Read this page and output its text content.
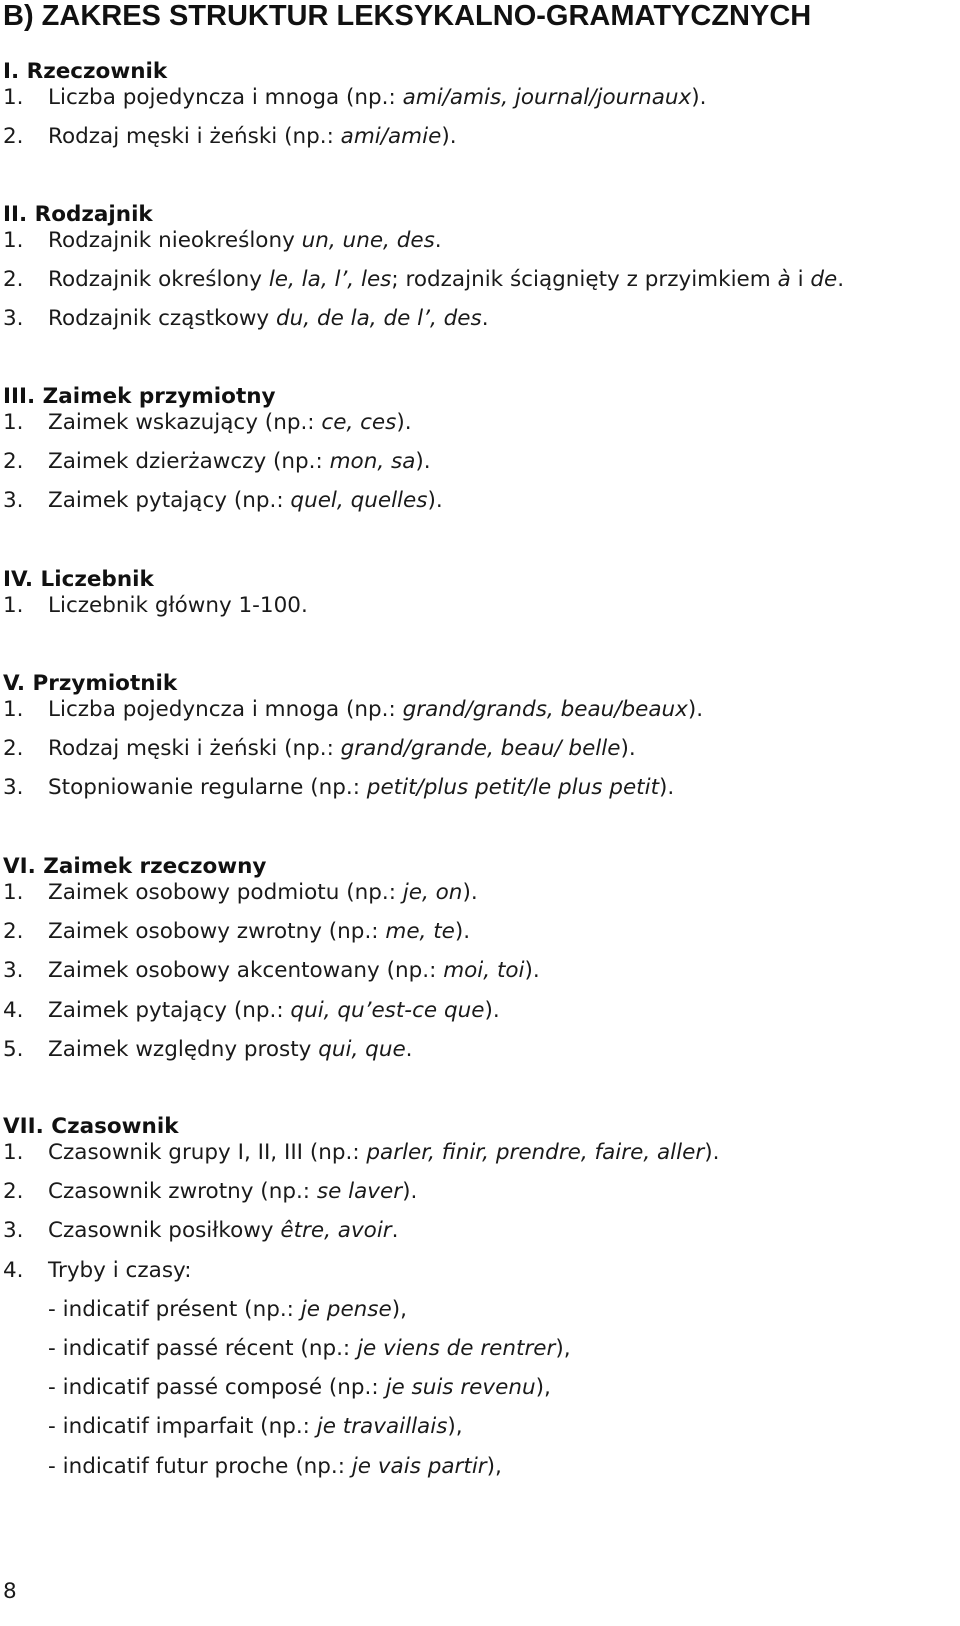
B) ZAKRES STRUKTUR LEKSYKALNO-GRAMATYCZNYCH
I. Rzeczownik
1. Liczba pojedyncza i mnoga (np.: ami/amis, journal/journaux).
2. Rodzaj męski i żeński (np.: ami/amie).
II. Rodzajnik
1. Rodzajnik nieokreślony un, une, des.
2. Rodzajnik określony le, la, l’, les; rodzajnik ściągnięty z przyimkiem à i de.
3. Rodzajnik cząstkowy du, de la, de l’, des.
III. Zaimek przymiotny
1. Zaimek wskazujący (np.: ce, ces).
2. Zaimek dzierżawczy (np.: mon, sa).
3. Zaimek pytający (np.: quel, quelles).
IV. Liczebnik
1. Liczebnik główny 1-100.
V. Przymiotnik
1. Liczba pojedyncza i mnoga (np.: grand/grands, beau/beaux).
2. Rodzaj męski i żeński (np.: grand/grande, beau/ belle).
3. Stopniowanie regularne (np.: petit/plus petit/le plus petit).
VI. Zaimek rzeczowny
1. Zaimek osobowy podmiotu (np.: je, on).
2. Zaimek osobowy zwrotny (np.: me, te).
3. Zaimek osobowy akcentowany (np.: moi, toi).
4. Zaimek pytający (np.: qui, qu’est-ce que).
5. Zaimek względny prosty qui, que.
VII. Czasownik
1. Czasownik grupy I, II, III (np.: parler, finir, prendre, faire, aller).
2. Czasownik zwrotny (np.: se laver).
3. Czasownik posiłkowy être, avoir.
4. Tryby i czasy:
- indicatif présent (np.: je pense),
- indicatif passé récent (np.: je viens de rentrer),
- indicatif passé composé (np.: je suis revenu),
- indicatif imparfait (np.: je travaillais),
- indicatif futur proche (np.: je vais partir),
8
